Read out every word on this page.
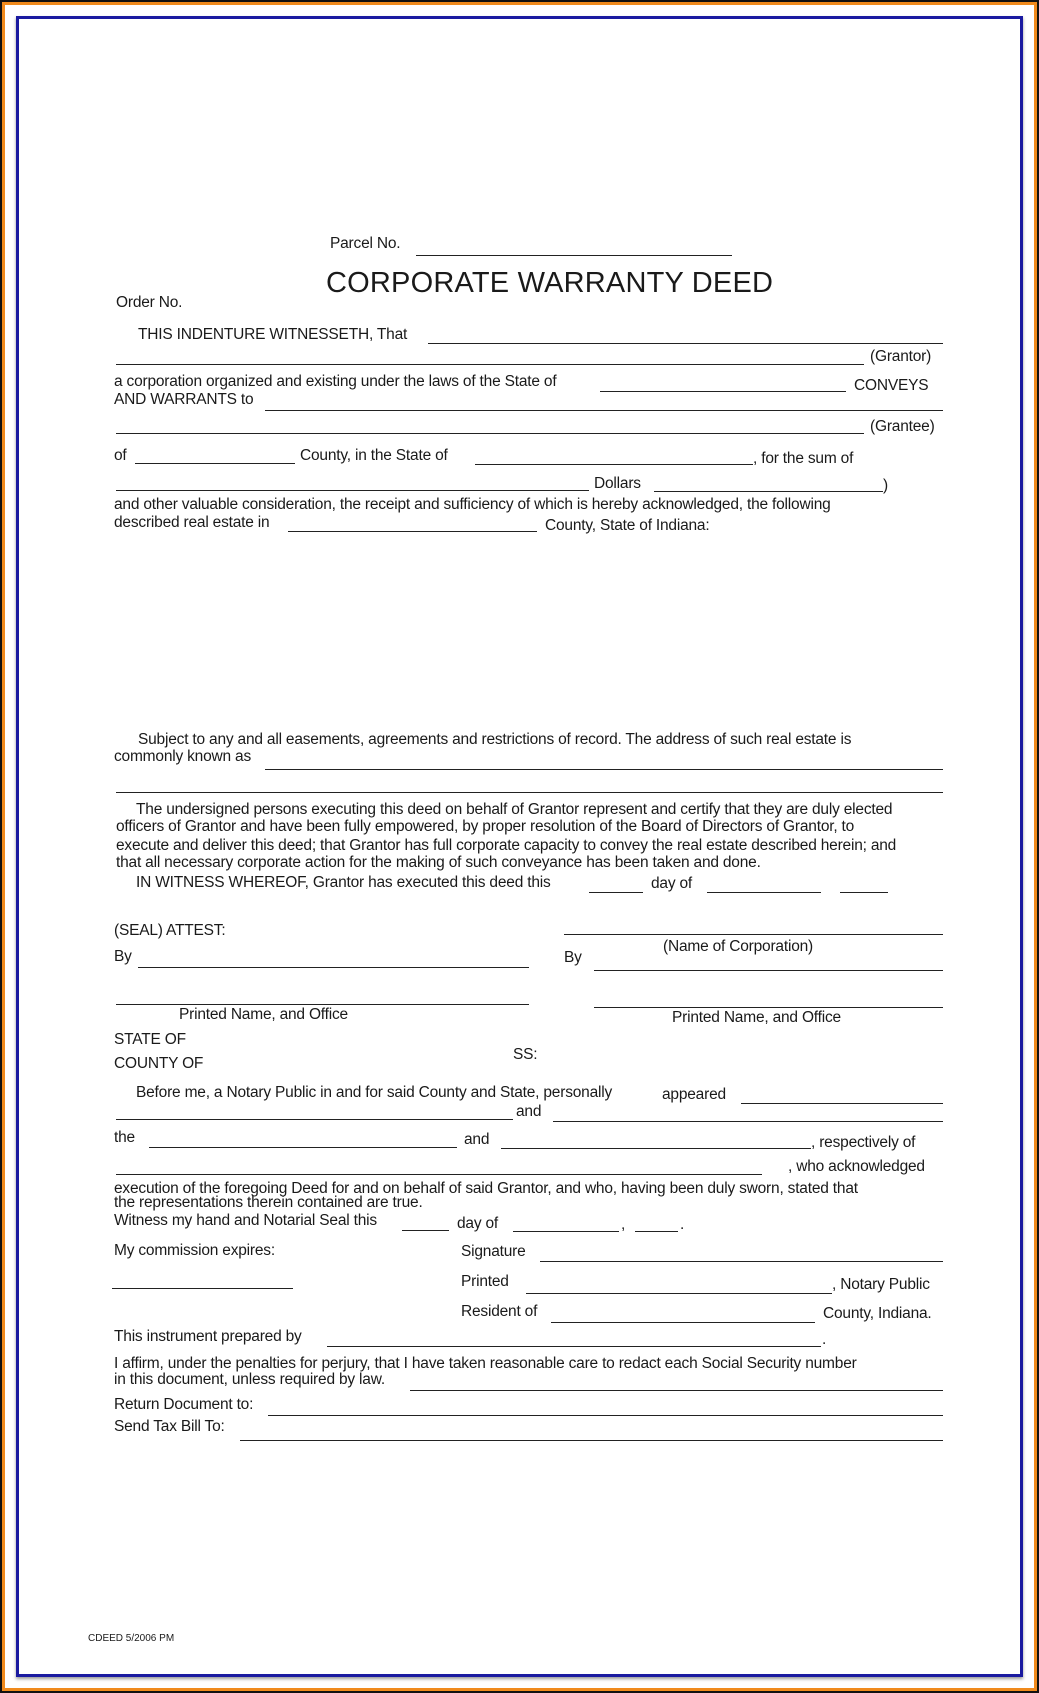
Parcel No.
CORPORATE WARRANTY DEED
Order No.
THIS INDENTURE WITNESSETH, That
(Grantor)
a corporation organized and existing under the laws of the State of	CONVEYS
AND WARRANTS to
(Grantee)
of	County, in the State of	, for the sum of
Dollars	)
and other valuable consideration, the receipt and sufficiency of which is hereby acknowledged, the following
described real estate in	County, State of Indiana:
Subject to any and all easements, agreements and restrictions of record. The address of such real estate is
commonly known as
The undersigned persons executing this deed on behalf of Grantor represent and certify that they are duly elected
officers of Grantor and have been fully empowered, by proper resolution of the Board of Directors of Grantor, to
execute and deliver this deed; that Grantor has full corporate capacity to convey the real estate described herein; and
that all necessary corporate action for the making of such conveyance has been taken and done.
IN WITNESS WHEREOF, Grantor has executed this deed this	day of
(SEAL) ATTEST:
(Name of Corporation)
By	By
Printed Name, and Office	Printed Name, and Office
STATE OF
SS:
COUNTY OF
Before me, a Notary Public in and for said County and State, personally	appeared
and
the	and	, respectively of
, who acknowledged
execution of the foregoing Deed for and on behalf of said Grantor, and who, having been duly sworn, stated that
the representations therein contained are true.
Witness my hand and Notarial Seal this	day of	,	.
My commission expires:	Signature
Printed	, Notary Public
Resident of	County, Indiana.
This instrument prepared by	.
I affirm, under the penalties for perjury, that I have taken reasonable care to redact each Social Security number
in this document, unless required by law.
Return Document to:
Send Tax Bill To:
CDEED 5/2006 PM
